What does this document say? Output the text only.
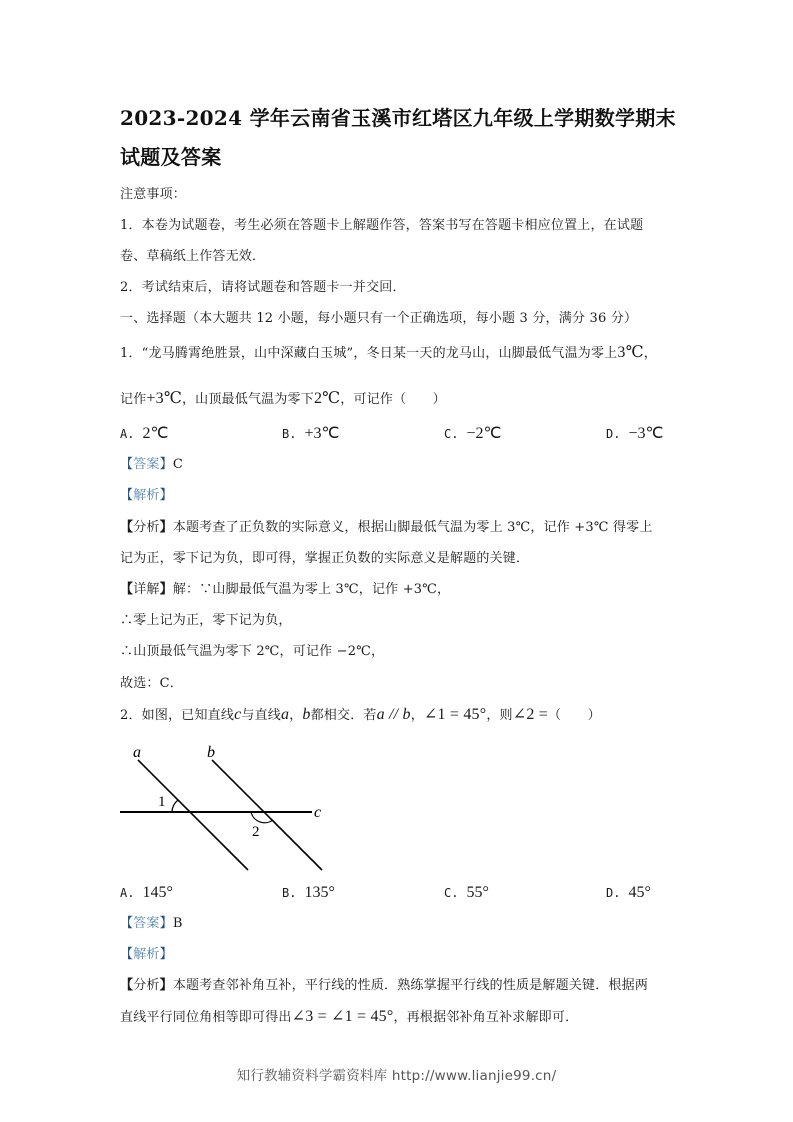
2023-2024 学年云南省玉溪市红塔区九年级上学期数学期末
试题及答案
注意事项：
1．本卷为试题卷，考生必须在答题卡上解题作答，答案书写在答题卡相应位置上，在试题
卷、草稿纸上作答无效．
2．考试结束后，请将试题卷和答题卡一并交回．
一、选择题（本大题共 12 小题，每小题只有一个正确选项，每小题 3 分，满分 36 分）
1．“龙马腾霄绝胜景，山中深藏白玉城”，冬日某一天的龙马山，山脚最低气温为零上3℃，
记作+3℃，山顶最低气温为零下2℃，可记作（　　）
A. 2℃	B. +3℃	C. −2℃	D. −3℃
【答案】C
【解析】
【分析】本题考查了正负数的实际意义，根据山脚最低气温为零上 3℃，记作 +3℃ 得零上
记为正，零下记为负，即可得，掌握正负数的实际意义是解题的关键．
【详解】解：∵山脚最低气温为零上 3℃，记作 +3℃，
∴零上记为正，零下记为负，
∴山顶最低气温为零下 2℃，可记作 −2℃，
故选：C．
2．如图，已知直线c与直线a，b都相交．若a // b，∠1 = 45°，则∠2 =（　　）
a	b
c
1
2
A. 145°	B. 135°	C. 55°	D. 45°
【答案】B
【解析】
【分析】本题考查邻补角互补，平行线的性质．熟练掌握平行线的性质是解题关键．根据两
直线平行同位角相等即可得出∠3 = ∠1 = 45°，再根据邻补角互补求解即可．
知行教辅资料学霸资料库 http://www.lianjie99.cn/
